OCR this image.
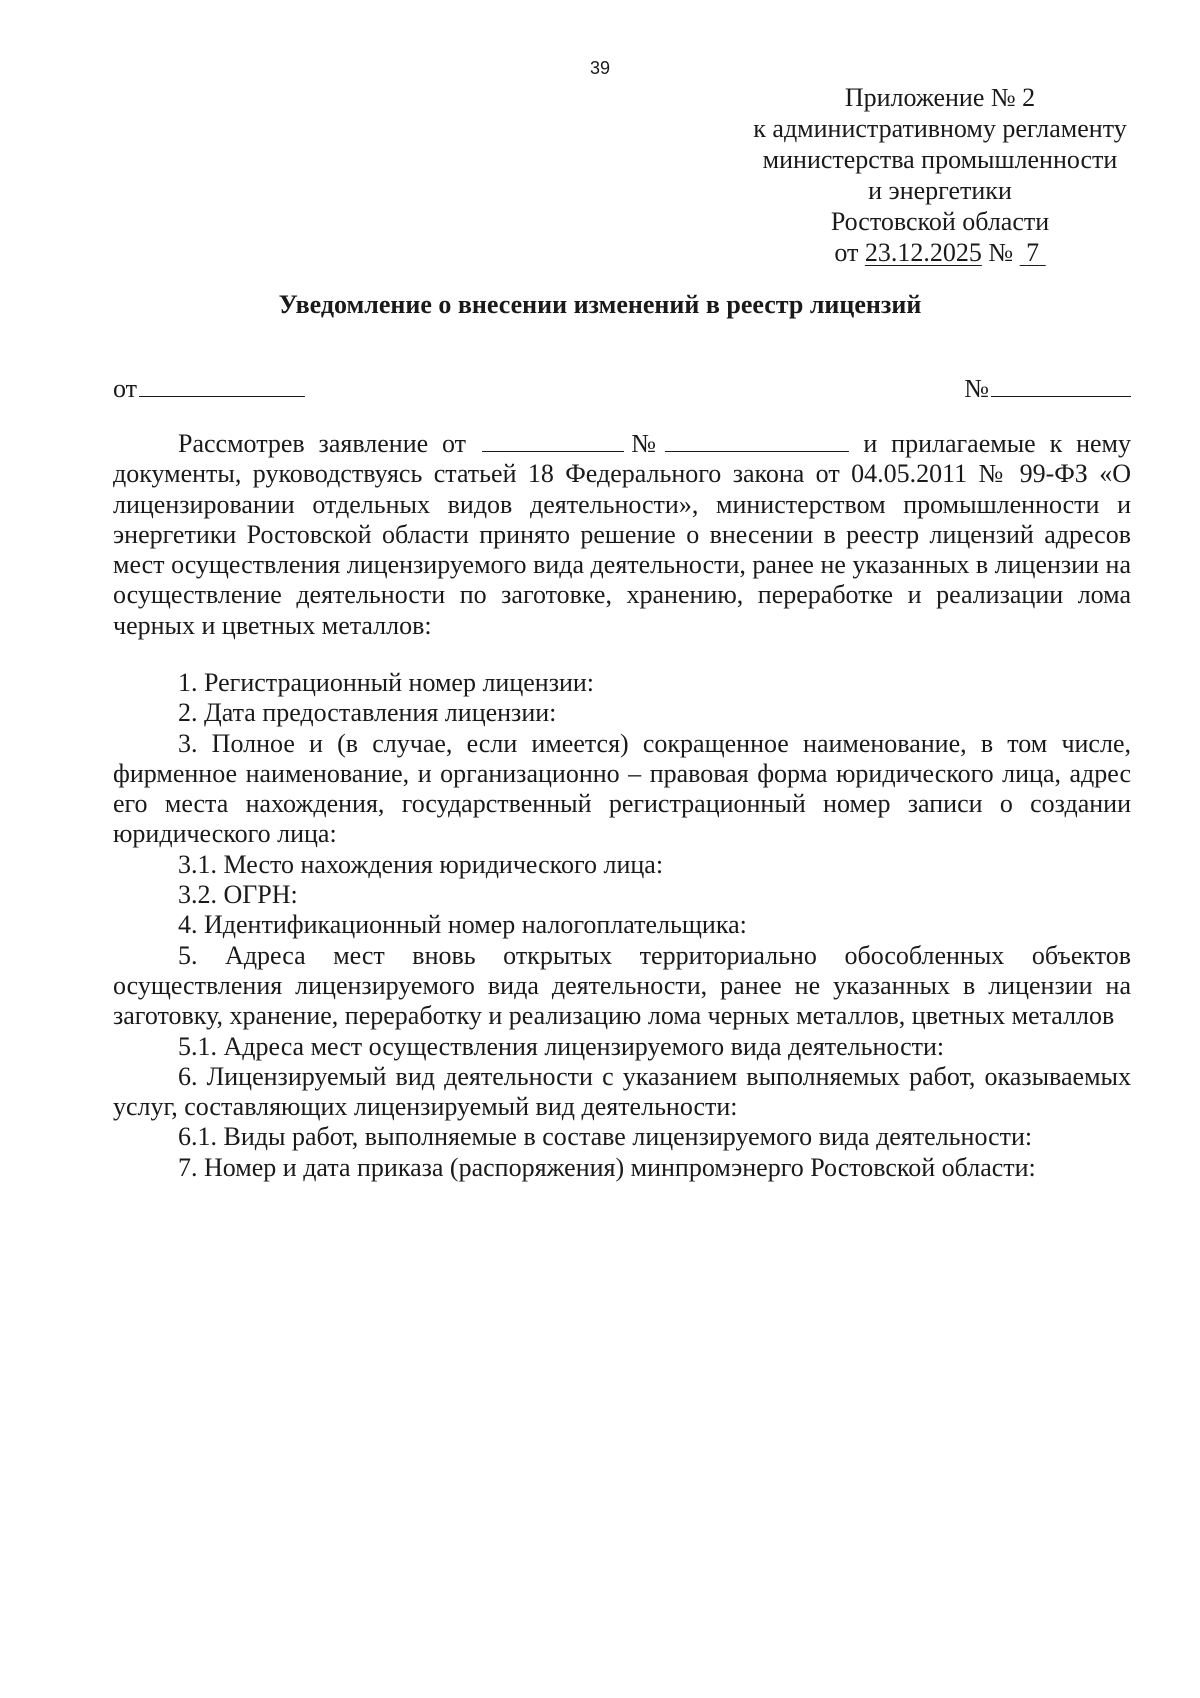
39
Приложение № 2
к административному регламенту
министерства промышленности
и энергетики
Ростовской области
от 23.12.2025 № 7
Уведомление о внесении изменений в реестр лицензий
от	№

Рассмотрев заявление от	№	и прилагаемые к нему документы, руководствуясь статьей 18 Федерального закона от 04.05.2011 № 99-ФЗ «О лицензировании отдельных видов деятельности», министерством промышленности и энергетики Ростовской области принято решение о внесении в реестр лицензий адресов мест осуществления лицензируемого вида деятельности, ранее не указанных в лицензии на осуществление деятельности по заготовке, хранению, переработке и реализации лома черных и цветных металлов:

1. Регистрационный номер лицензии:

2. Дата предоставления лицензии:

3. Полное и (в случае, если имеется) сокращенное наименование, в том числе, фирменное наименование, и организационно – правовая форма юридического лица, адрес его места нахождения, государственный регистрационный номер записи о создании юридического лица:

3.1. Место нахождения юридического лица:

3.2. ОГРН:

4. Идентификационный номер налогоплательщика:

5. Адреса мест вновь открытых территориально обособленных объектов осуществления лицензируемого вида деятельности, ранее не указанных в лицензии на заготовку, хранение, переработку и реализацию лома черных металлов, цветных металлов

5.1. Адреса мест осуществления лицензируемого вида деятельности:

6. Лицензируемый вид деятельности с указанием выполняемых работ, оказываемых услуг, составляющих лицензируемый вид деятельности:

6.1. Виды работ, выполняемые в составе лицензируемого вида деятельности:

7. Номер и дата приказа (распоряжения) минпромэнерго Ростовской области:
